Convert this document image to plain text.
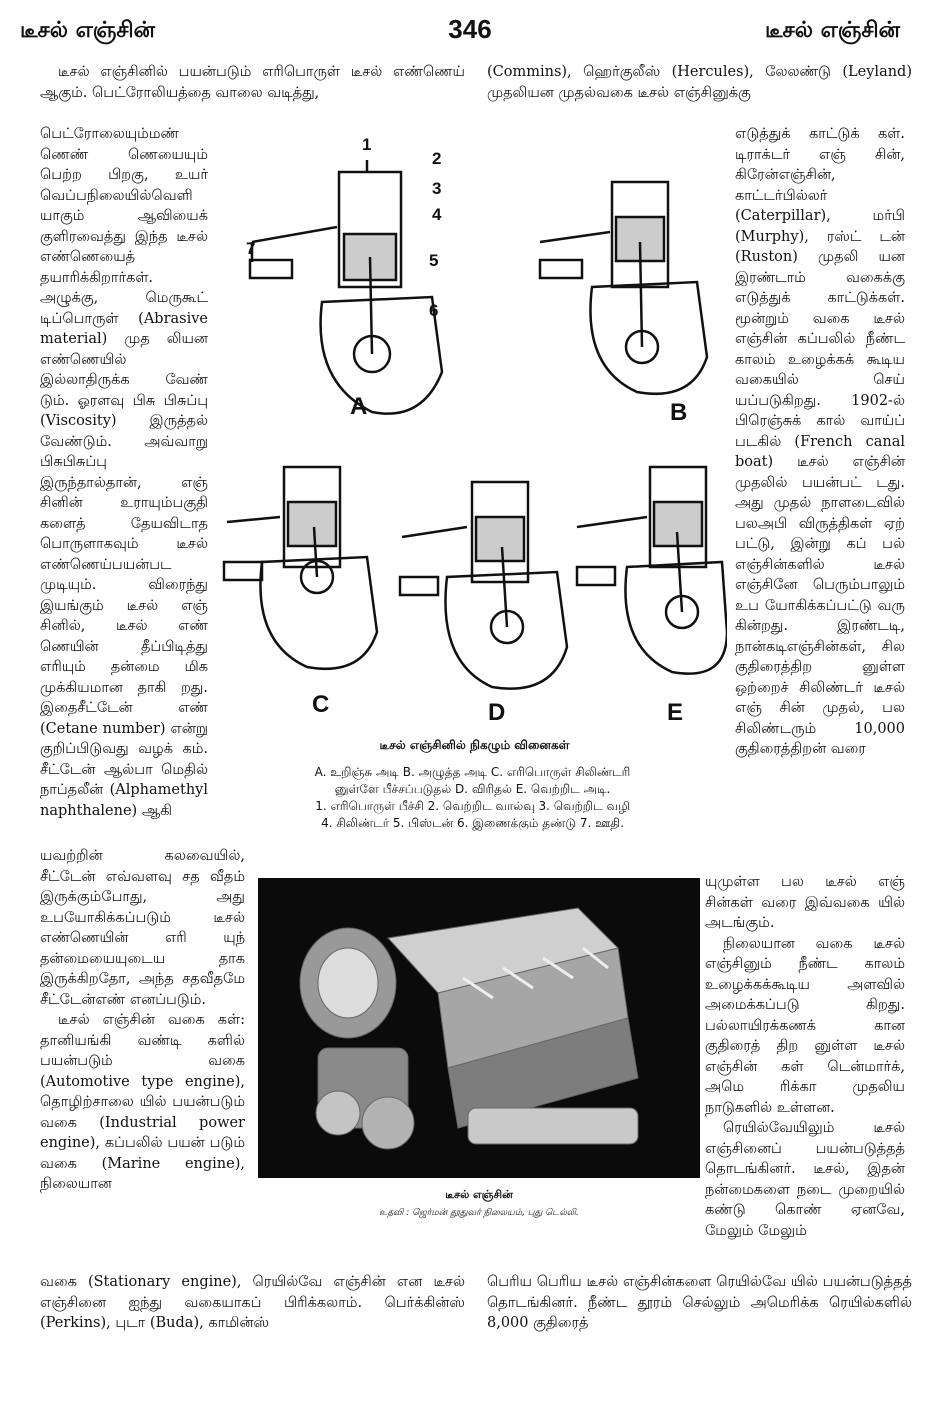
டீசல் எஞ்சின்	346	டீசல் எஞ்சின்

டீசல் எஞ்சினில் பயன்படும் எரிபொருள் டீசல் எண்ணெய் ஆகும். பெட்ரோலியத்தை வாலை வடித்து,

பெட்ரோலையும்மண் ணெண் ணெயையும் பெற்ற பிறகு, உயர் வெப்பநிலையில்வெளி யாகும் ஆவியைக் குளிரவைத்து இந்த டீசல் எண்ணெயைத் தயாரிக்கிறார்கள். அழுக்கு, மெருகூட் டிப்பொருள் (Abrasive material) முத லியன எண்ணெயில் இல்லாதிருக்க வேண் டும். ஓரளவு பிசு பிசுப்பு (Viscosity) இருத்தல் வேண்டும். அவ்வாறு பிசுபிசுப்பு இருந்தால்தான், எஞ் சினின் உராயும்பகுதி களைத் தேயவிடாத பொருளாகவும் டீசல் எண்ணெய்பயன்பட முடியும். விரைந்து இயங்கும் டீசல் எஞ் சினில், டீசல் எண் ணெயின் தீப்பிடித்து எரியும் தன்மை மிக முக்கியமான தாகி றது. இதைசீட்டேன் எண் (Cetane number) என்று குறிப்பிடுவது வழக் கம். சீட்டேன் ஆல்பா மெதில் நாப்தலீன் (Alphamethyl naphthalene) ஆகி

யவற்றின் கலவையில், சீட்டேன் எவ்வளவு சத வீதம் இருக்கும்போது, அது உபயோகிக்கப்படும் டீசல் எண்ணெயின் எரி யுந் தன்மையையுடைய தாக இருக்கிறதோ, அந்த சதவீதமே சீட்டேன்எண் எனப்படும்.

டீசல் எஞ்சின் வகை கள்: தானியங்கி வண்டி களில் பயன்படும் வகை (Automotive type engine), தொழிற்சாலை யில் பயன்படும் வகை (Industrial power engine), கப்பலில் பயன் படும் வகை (Marine engine), நிலையான

வகை (Stationary engine), ரெயில்வே எஞ்சின் என டீசல் எஞ்சினை ஐந்து வகையாகப் பிரிக்கலாம். பெர்க்கின்ஸ் (Perkins), புடா (Buda), காமின்ஸ்

(Commins), ஹெர்குலீஸ் (Hercules), லேலண்டு (Leyland) முதலியன முதல்வகை டீசல் எஞ்சினுக்கு

எடுத்துக் காட்டுக் கள். டிராக்டர் எஞ் சின், கிரேன்எஞ்சின், காட்டர்பில்லர் (Caterpillar), மர்பி (Murphy), ரஸ்ட் டன் (Ruston) முதலி யன இரண்டாம் வகைக்கு எடுத்துக் காட்டுக்கள். மூன்றும் வகை டீசல் எஞ்சின் கப்பலில் நீண்ட காலம் உழைக்கக் கூடிய வகையில் செய் யப்படுகிறது. 1902-ல் பிரெஞ்சுக் கால் வாய்ப் படகில் (French canal boat) டீசல் எஞ்சின் முதலில் பயன்பட் டது. அது முதல் நாளடைவில் பலஅபி விருத்திகள் ஏற் பட்டு, இன்று கப் பல் எஞ்சின்களில் டீசல் எஞ்சினே பெரும்பாலும் உப யோகிக்கப்பட்டு வரு கின்றது. இரண்டடி, நான்கடிஎஞ்சின்கள், சில குதிரைத்திற னுள்ள ஒற்றைச் சிலிண்டர் டீசல் எஞ் சின் முதல், பல சிலிண்டரும் 10,000 குதிரைத்திறன் வரை

யுமுள்ள பல டீசல் எஞ் சின்கள் வரை இவ்வகை யில் அடங்கும்.

நிலையான வகை டீசல் எஞ்சினும் நீண்ட காலம் உழைக்கக்கூடிய அளவில் அமைக்கப்படு கிறது. பல்லாயிரக்கணக் கான குதிரைத் திற னுள்ள டீசல் எஞ்சின் கள் டென்மார்க், அமெ ரிக்கா முதலிய நாடுகளில் உள்ளன.

ரெயில்வேயிலும் டீசல் எஞ்சினைப் பயன்படுத்தத் தொடங்கினர். டீசல், இதன் நன்மைகளை நடை முறையில் கண்டு கொண் ஏனவே, மேலும் மேலும்

பெரிய பெரிய டீசல் எஞ்சின்களை ரெயில்வே யில் பயன்படுத்தத் தொடங்கினர். நீண்ட தூரம் செல்லும் அமெரிக்க ரெயில்களில் 8,000 குதிரைத்

1
2
3
4
5
6
7
A	B
C	D	E
டீசல் எஞ்சினில் நிகழும் வினைகள்
A. உறிஞ்சு அடி B. அழுத்த அடி C. எரிபொருள் சிலிண்டரி
னுள்ளே பீச்சப்படுதல் D. விரிதல் E. வெற்றிட அடி.
1. எரிபொருள் பீச்சி 2. வெற்றிட வால்வு 3. வெற்றிட வழி
4. சிலிண்டர் 5. பிஸ்டன் 6. இணைக்கும் தண்டு 7. ஊதி.
டீசல் எஞ்சின்
உதவி : ஜெர்மன் தூதுவர் நிலையம், புது டெல்லி.
